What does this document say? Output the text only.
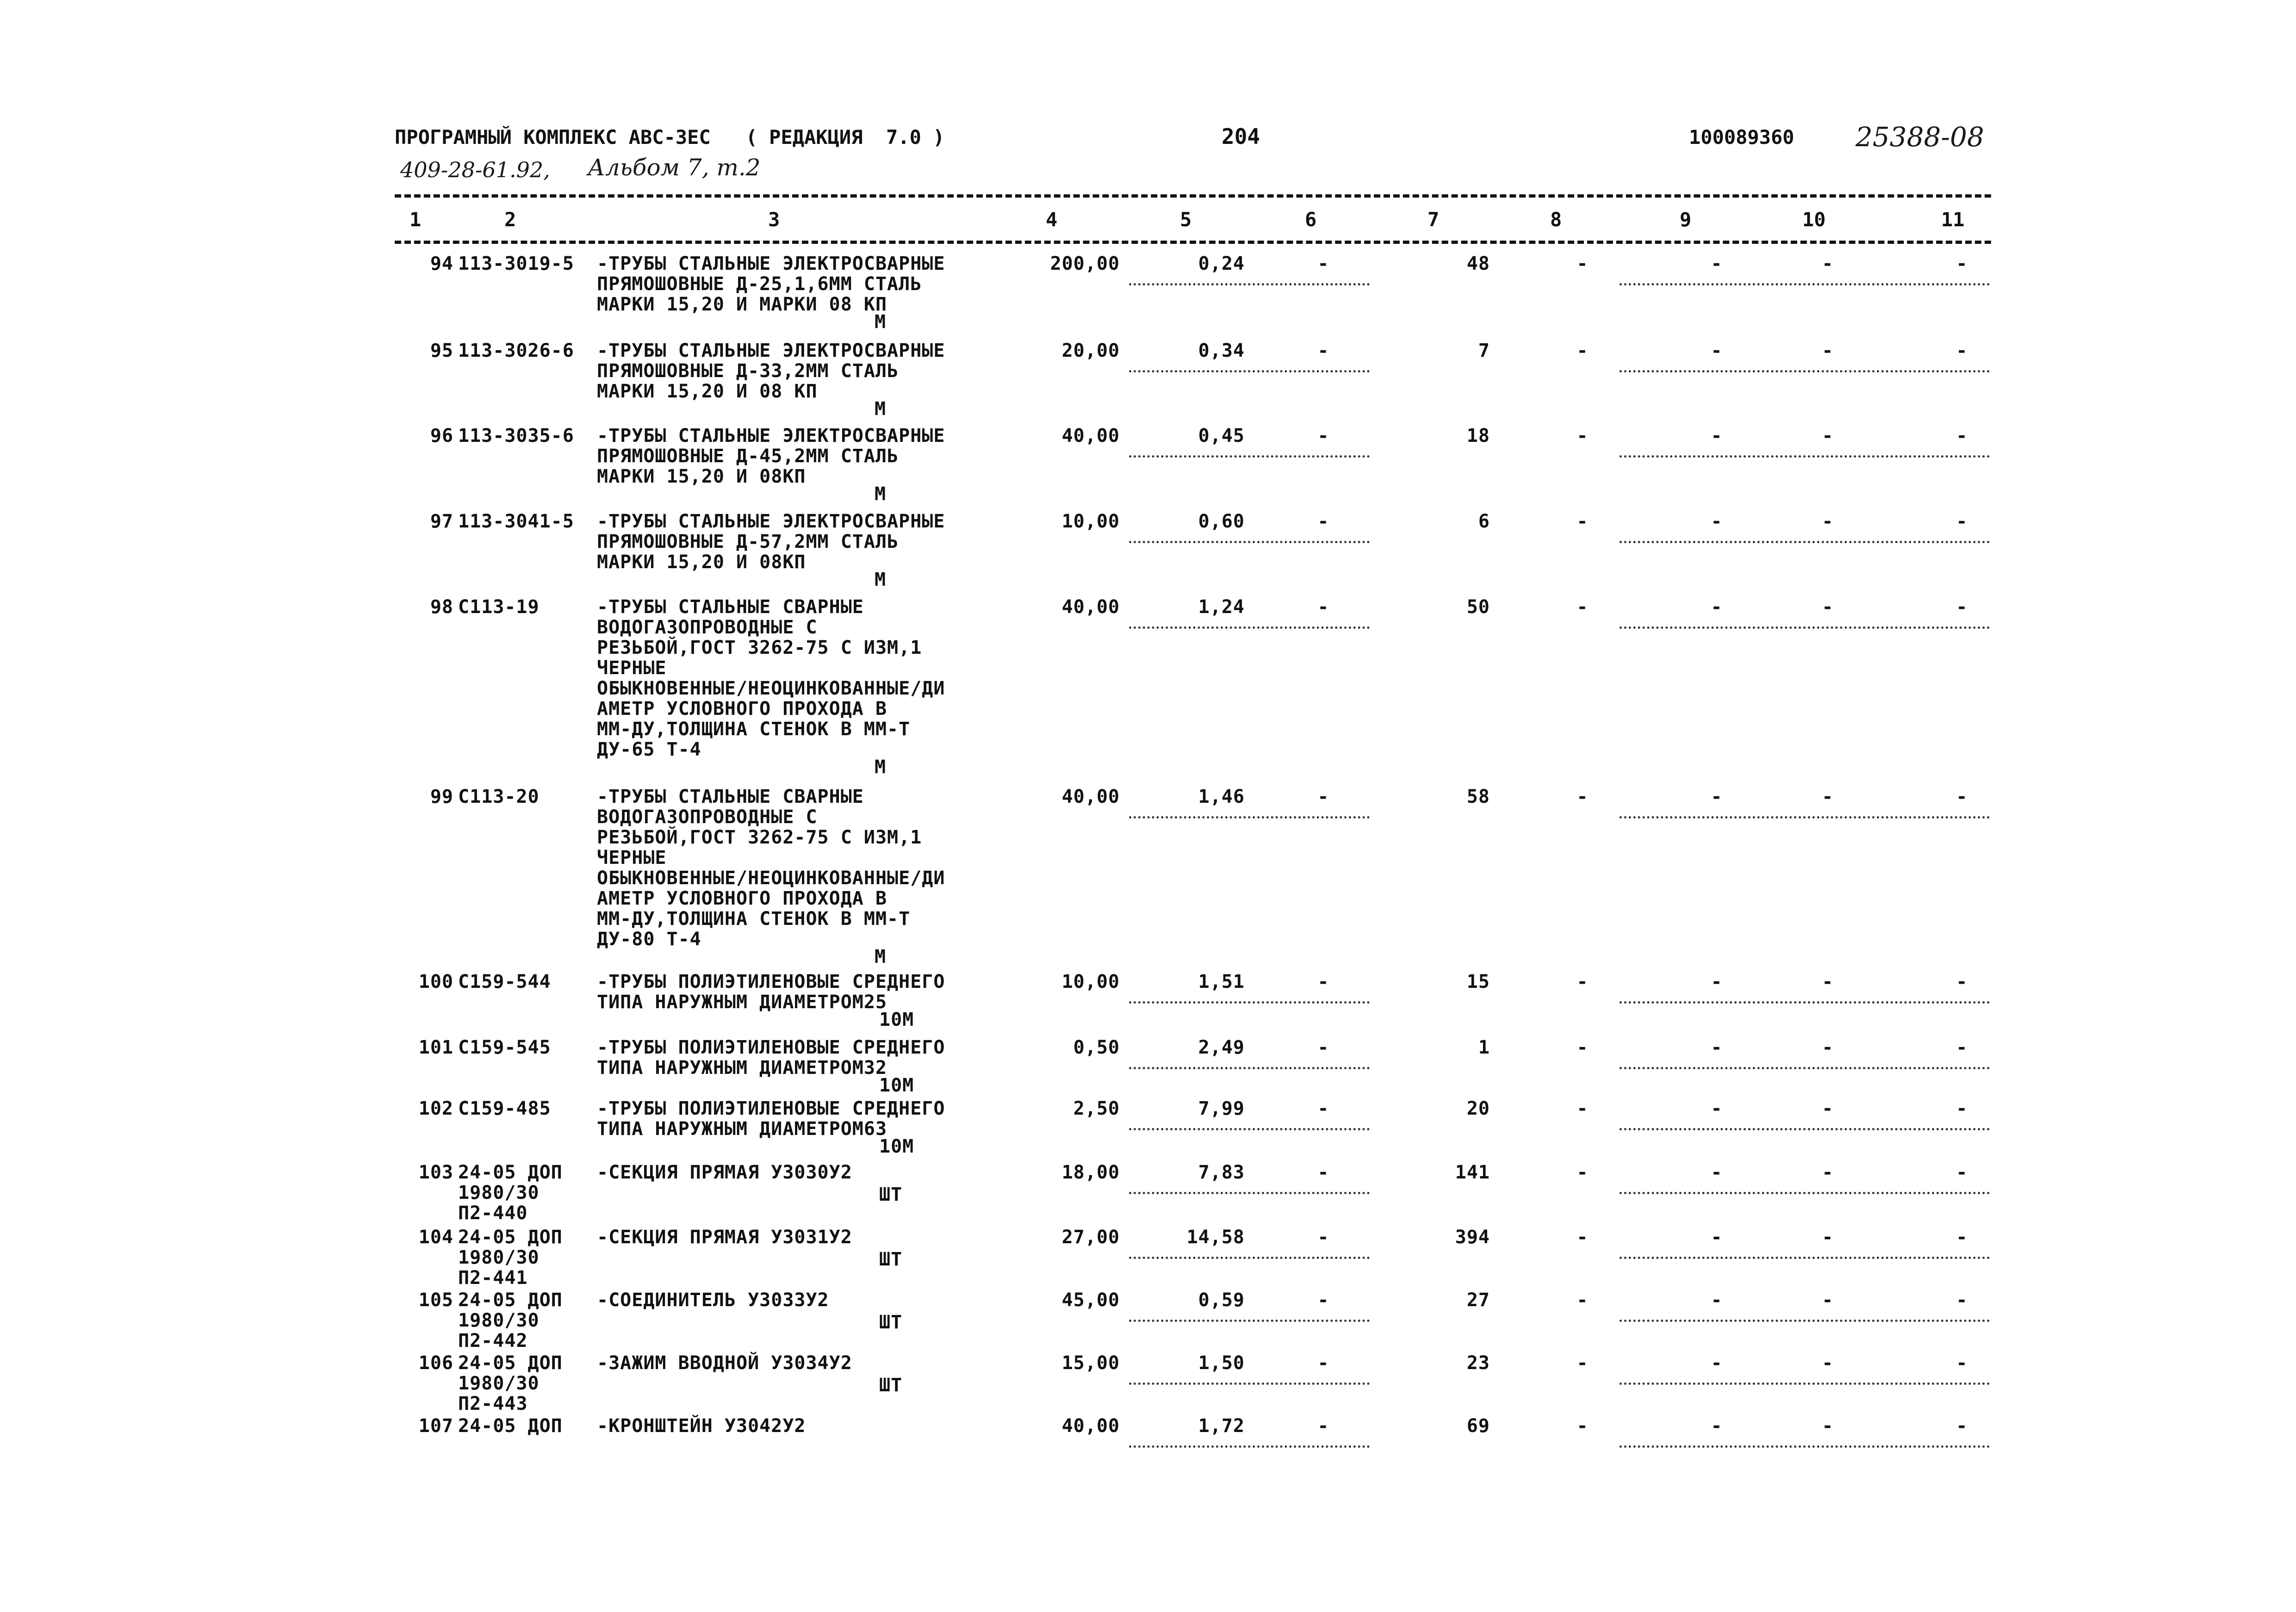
ПРОГРАМНЫЙ КОМПЛЕКС АВС-3ЕС   ( РЕДАКЦИЯ  7.0 )	204	100089360 25388-08
409-28-61.92, Альбом 7, т.2
1	2	3	4	5	6	7	8	9	10	11
94 113-3019-5 -ТРУБЫ СТАЛЬНЫЕ ЭЛЕКТРОСВАРНЫЕ
ПРЯМОШОВНЫЕ Д-25,1,6ММ СТАЛЬ
МАРКИ 15,20 И МАРКИ 08 КП
М
200,00	0,24	-	48	-	-	-	-
95 113-3026-6 -ТРУБЫ СТАЛЬНЫЕ ЭЛЕКТРОСВАРНЫЕ
ПРЯМОШОВНЫЕ Д-33,2ММ СТАЛЬ
МАРКИ 15,20 И 08 КП
М
20,00	0,34	-	7	-	-	-	-
96 113-3035-6 -ТРУБЫ СТАЛЬНЫЕ ЭЛЕКТРОСВАРНЫЕ
ПРЯМОШОВНЫЕ Д-45,2ММ СТАЛЬ
МАРКИ 15,20 И 08КП
М
40,00	0,45	-	18	-	-	-	-
97 113-3041-5 -ТРУБЫ СТАЛЬНЫЕ ЭЛЕКТРОСВАРНЫЕ
ПРЯМОШОВНЫЕ Д-57,2ММ СТАЛЬ
МАРКИ 15,20 И 08КП
М
10,00	0,60	-	6	-	-	-	-
98 С113-19	-ТРУБЫ СТАЛЬНЫЕ СВАРНЫЕ
ВОДОГАЗОПРОВОДНЫЕ С
РЕЗЬБОЙ,ГОСТ 3262-75 С ИЗМ,1
ЧЕРНЫЕ
ОБЫКНОВЕННЫЕ/НЕОЦИНКОВАННЫЕ/ДИ
АМЕТР УСЛОВНОГО ПРОХОДА В
ММ-ДУ,ТОЛЩИНА СТЕНОК В ММ-Т
ДУ-65 Т-4
М
40,00	1,24	-	50	-	-	-	-
99 С113-20	-ТРУБЫ СТАЛЬНЫЕ СВАРНЫЕ
ВОДОГАЗОПРОВОДНЫЕ С
РЕЗЬБОЙ,ГОСТ 3262-75 С ИЗМ,1
ЧЕРНЫЕ
ОБЫКНОВЕННЫЕ/НЕОЦИНКОВАННЫЕ/ДИ
АМЕТР УСЛОВНОГО ПРОХОДА В
ММ-ДУ,ТОЛЩИНА СТЕНОК В ММ-Т
ДУ-80 Т-4
М
40,00	1,46	-	58	-	-	-	-
100 С159-544 -ТРУБЫ ПОЛИЭТИЛЕНОВЫЕ СРЕДНЕГО
ТИПА НАРУЖНЫМ ДИАМЕТРОМ25
10М
10,00	1,51	-	15	-	-	-	-
101 С159-545 -ТРУБЫ ПОЛИЭТИЛЕНОВЫЕ СРЕДНЕГО
ТИПА НАРУЖНЫМ ДИАМЕТРОМ32
10М
0,50	2,49	-	1	-	-	-	-
102 С159-485 -ТРУБЫ ПОЛИЭТИЛЕНОВЫЕ СРЕДНЕГО
ТИПА НАРУЖНЫМ ДИАМЕТРОМ63
10М
2,50	7,99	-	20	-	-	-	-
103 24-05 ДОП
1980/30
П2-440
-СЕКЦИЯ ПРЯМАЯ УЗ030У2
ШТ
18,00	7,83	-	141	-	-	-	-
104 24-05 ДОП
1980/30
П2-441
-СЕКЦИЯ ПРЯМАЯ УЗ031У2
ШТ
27,00	14,58	-	394	-	-	-	-
105 24-05 ДОП
1980/30
П2-442
-СОЕДИНИТЕЛЬ УЗ033У2
ШТ
45,00	0,59	-	27	-	-	-	-
106 24-05 ДОП
1980/30
П2-443
-ЗАЖИМ ВВОДНОЙ УЗ034У2
ШТ
15,00	1,50	-	23	-	-	-	-
107 24-05 ДОП -КРОНШТЕЙН УЗ042У2	40,00	1,72	-	69	-	-	-	-
